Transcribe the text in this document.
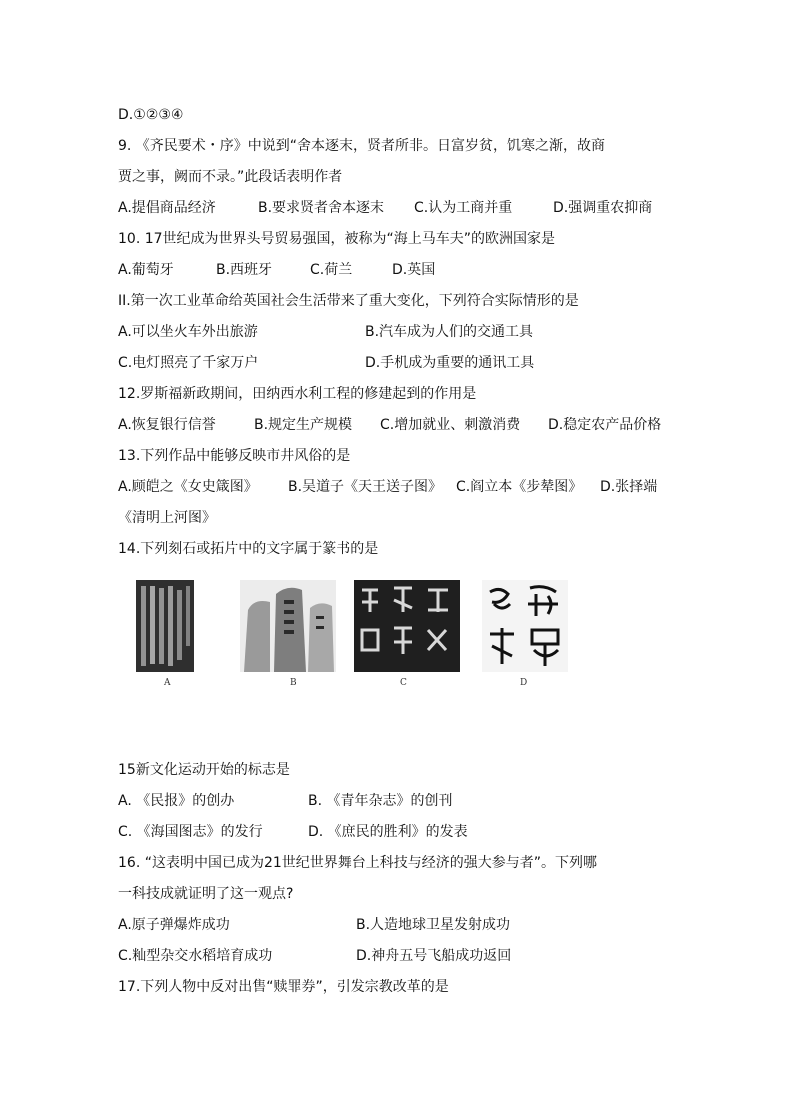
D.①②③④
9. 《齐民要术・序》中说到“舍本逐末，贤者所非。日富岁贫，饥寒之渐，故商
贾之事，阙而不录。”此段话表明作者
A.提倡商品经济	B.要求贤者舍本逐末 C.认为工商并重	D.强调重农抑商
10. 17世纪成为世界头号贸易强国，被称为“海上马车夫”的欧洲国家是
A.葡萄牙	B.西班牙	C.荷兰	D.英国
II.第一次工业革命给英国社会生活带来了重大变化，下列符合实际情形的是
A.可以坐火车外出旅游	B.汽车成为人们的交通工具
C.电灯照亮了千家万户	D.手机成为重要的通讯工具
12.罗斯福新政期间，田纳西水利工程的修建起到的作用是
A.恢复银行信誉	B.规定生产规模 C.增加就业、刺激消费 D.稳定农产品价格
13.下列作品中能够反映市井风俗的是
A.顾皑之《女史箴图》 B.吴道子《天王送子图》 C.阎立本《步辇图》 D.张择端
《清明上河图》
14.下列刻石或拓片中的文字属于篆书的是
A	B	C	D
15新文化运动开始的标志是
A. 《民报》的创办	B. 《青年杂志》的创刊
C. 《海国图志》的发行	D. 《庶民的胜利》的发表
16. “这表明中国已成为21世纪世界舞台上科技与经济的强大参与者”。下列哪
一科技成就证明了这一观点?
A.原子弹爆炸成功	B.人造地球卫星发射成功
C.籼型杂交水稻培育成功	D.神舟五号飞船成功返回
17.下列人物中反对出售“赎罪券”，引发宗教改革的是
